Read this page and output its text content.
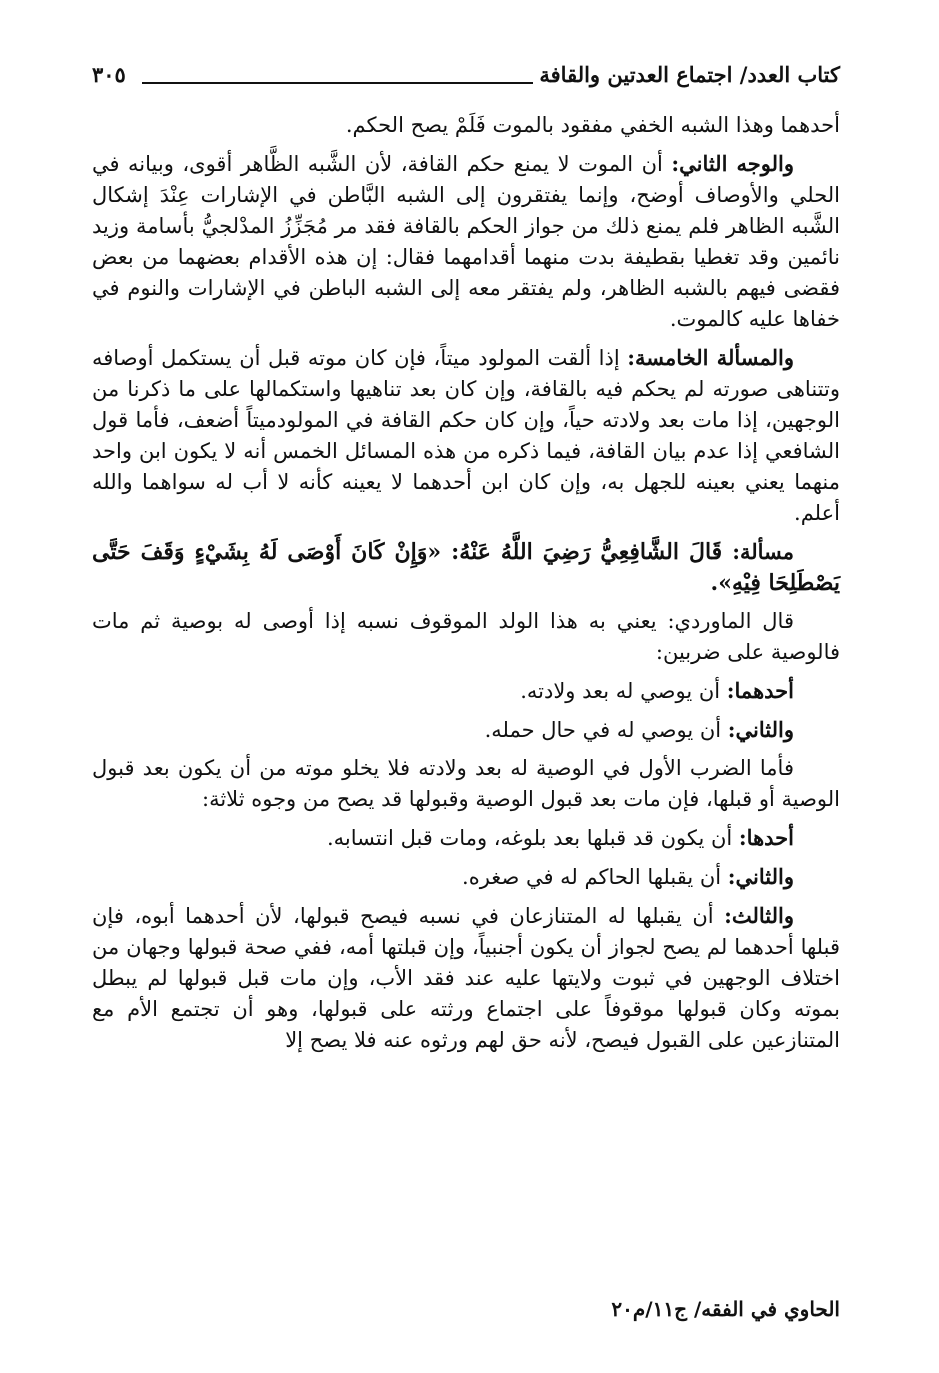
كتاب العدد/ اجتماع العدتين والقافة
٣٠٥

أحدهما وهذا الشبه الخفي مفقود بالموت فَلَمْ يصح الحكم.

والوجه الثاني: أن الموت لا يمنع حكم القافة، لأن الشَّبه الظَّاهر أقوى، وبيانه في الحلي والأوصاف أوضح، وإنما يفتقرون إلى الشبه البَّاطن في الإشارات عِنْدَ إشكال الشَّبه الظاهر فلم يمنع ذلك من جواز الحكم بالقافة فقد مر مُجَزِّزُ المدْلجيُّ بأسامة وزيد نائمين وقد تغطيا بقطيفة بدت منهما أقدامهما فقال: إن هذه الأقدام بعضهما من بعض فقضى فيهم بالشبه الظاهر، ولم يفتقر معه إلى الشبه الباطن في الإشارات والنوم في خفاها عليه كالموت.

والمسألة الخامسة: إذا ألقت المولود ميتاً، فإن كان موته قبل أن يستكمل أوصافه وتتناهى صورته لم يحكم فيه بالقافة، وإن كان بعد تناهيها واستكمالها على ما ذكرنا من الوجهين، إذا مات بعد ولادته حياً، وإن كان حكم القافة في المولودميتاً أضعف، فأما قول الشافعي إذا عدم بيان القافة، فيما ذكره من هذه المسائل الخمس أنه لا يكون ابن واحد منهما يعني بعينه للجهل به، وإن كان ابن أحدهما لا يعينه كأنه لا أب له سواهما والله أعلم.

مسألة: قَالَ الشَّافِعِيُّ رَضِيَ اللَّهُ عَنْهُ: «وَإِنْ كَانَ أَوْصَى لَهُ بِشَيْءٍ وَقَفَ حَتَّى يَصْطَلِحَا فِيْهِ».

قال الماوردي: يعني به هذا الولد الموقوف نسبه إذا أوصى له بوصية ثم مات فالوصية على ضربين:

أحدهما: أن يوصي له بعد ولادته.

والثاني: أن يوصي له في حال حمله.

فأما الضرب الأول في الوصية له بعد ولادته فلا يخلو موته من أن يكون بعد قبول الوصية أو قبلها، فإن مات بعد قبول الوصية وقبولها قد يصح من وجوه ثلاثة:

أحدها: أن يكون قد قبلها بعد بلوغه، ومات قبل انتسابه.

والثاني: أن يقبلها الحاكم له في صغره.

والثالث: أن يقبلها له المتنازعان في نسبه فيصح قبولها، لأن أحدهما أبوه، فإن قبلها أحدهما لم يصح لجواز أن يكون أجنبياً، وإن قبلتها أمه، ففي صحة قبولها وجهان من اختلاف الوجهين في ثبوت ولايتها عليه عند فقد الأب، وإن مات قبل قبولها لم يبطل بموته وكان قبولها موقوفاً على اجتماع ورثته على قبولها، وهو أن تجتمع الأم مع المتنازعين على القبول فيصح، لأنه حق لهم ورثوه عنه فلا يصح إلا

الحاوي في الفقه/ ج١١/م٢٠
